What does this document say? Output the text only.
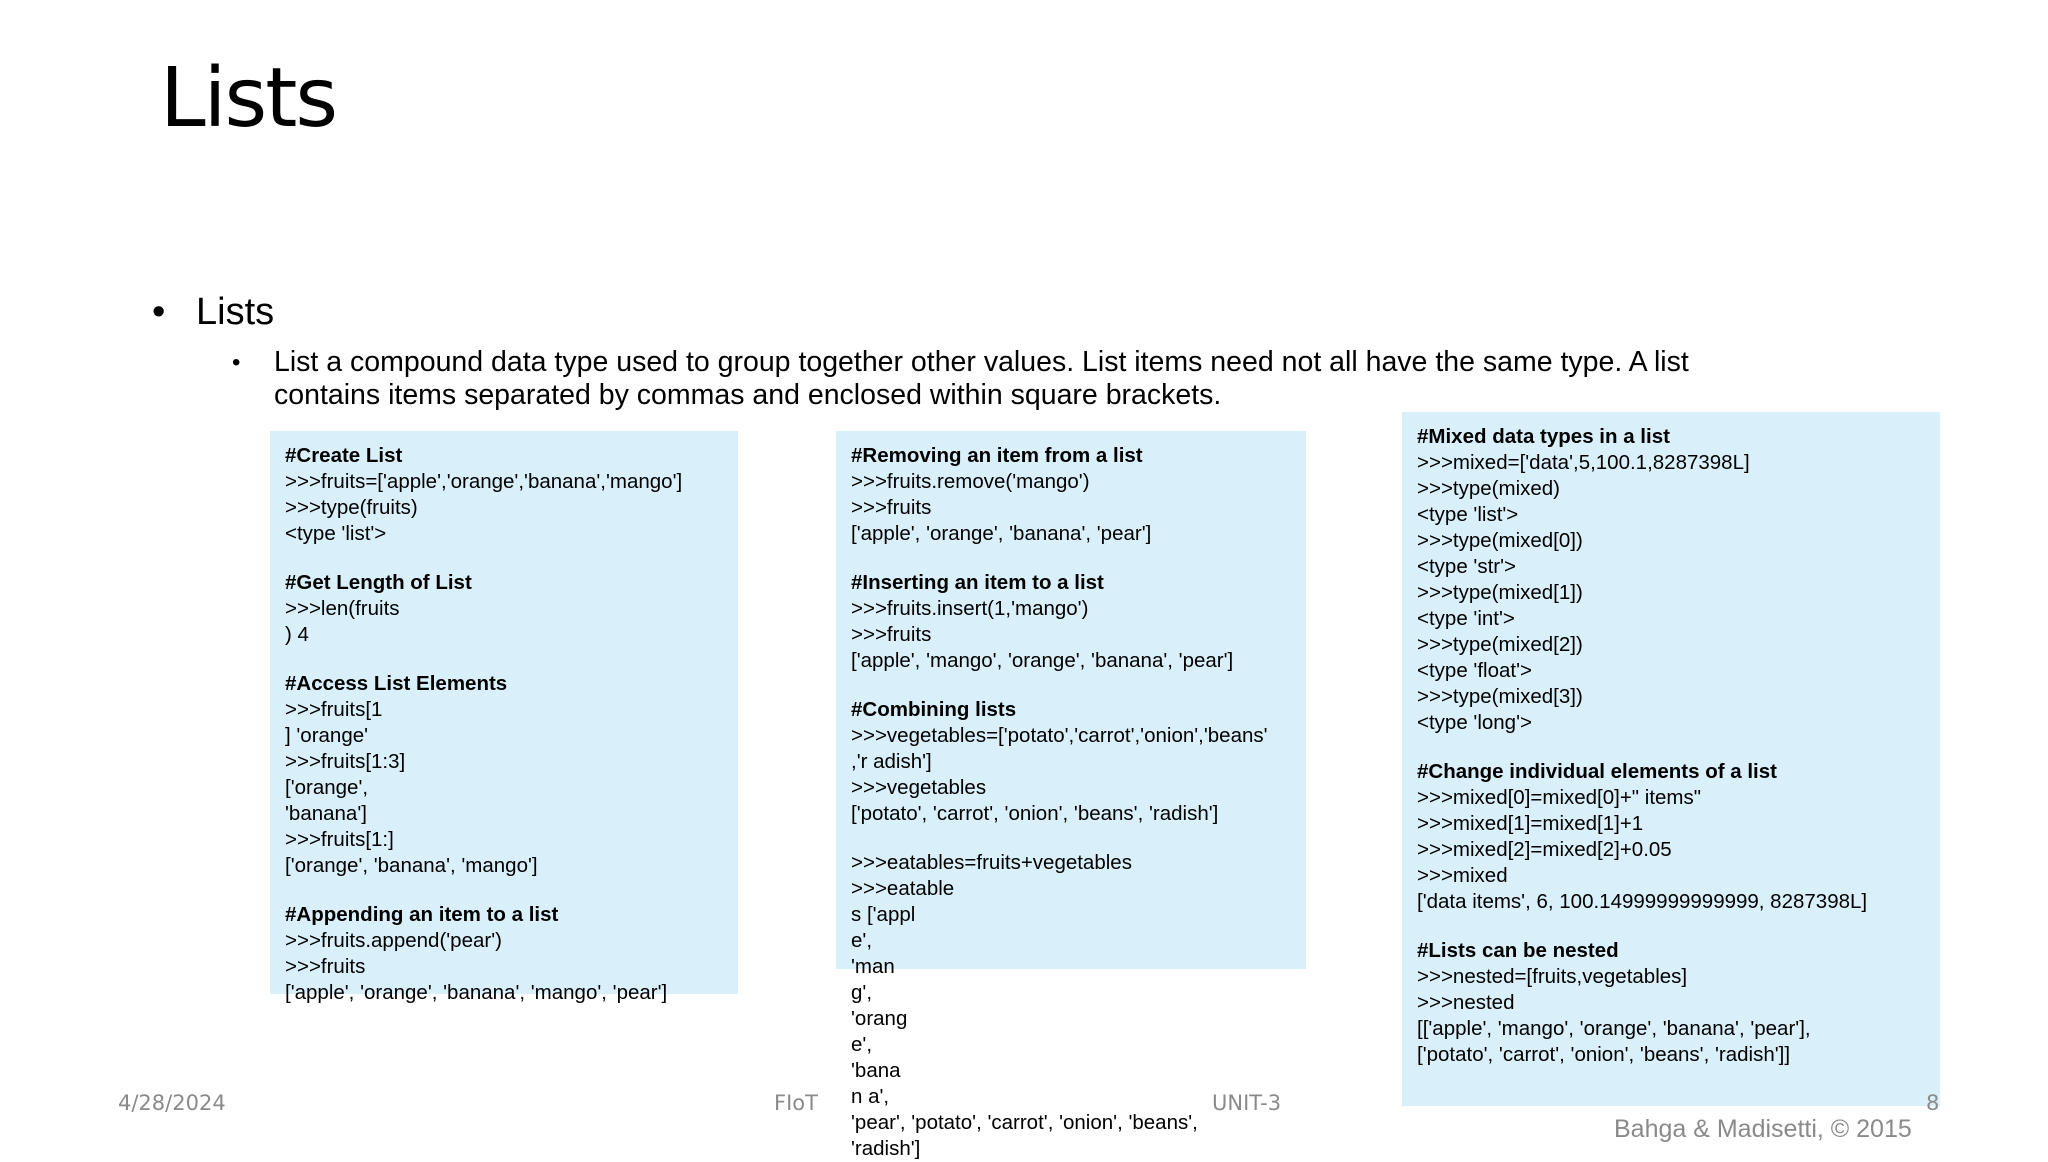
Lists
• Lists
•	List a compound data type used to group together other values. List items need not all have the same type. A list contains items separated by commas and enclosed within square brackets.
#Create List
>>>fruits=['apple','orange','banana','mango']
>>>type(fruits)
<type 'list'>
#Get Length of List
>>>len(fruits
) 4
#Access List Elements
>>>fruits[1
] 'orange'
>>>fruits[1:3]
['orange',
'banana']
>>>fruits[1:]
['orange', 'banana', 'mango']
#Appending an item to a list
>>>fruits.append('pear')
>>>fruits
['apple', 'orange', 'banana', 'mango', 'pear']
#Removing an item from a list
>>>fruits.remove('mango')
>>>fruits
['apple', 'orange', 'banana', 'pear']
#Inserting an item to a list
>>>fruits.insert(1,'mango')
>>>fruits
['apple', 'mango', 'orange', 'banana', 'pear']
#Combining lists
>>>vegetables=['potato','carrot','onion','beans'
,'r adish']
>>>vegetables
['potato', 'carrot', 'onion', 'beans', 'radish']
>>>eatables=fruits+vegetables
>>>eatable
s ['appl
e',
'man
g',
'orang
e',
'bana
n a',
'pear', 'potato', 'carrot', 'onion', 'beans',
'radish']
#Mixed data types in a list
>>>mixed=['data',5,100.1,8287398L]
>>>type(mixed)
<type 'list'>
>>>type(mixed[0])
<type 'str'>
>>>type(mixed[1])
<type 'int'>
>>>type(mixed[2])
<type 'float'>
>>>type(mixed[3])
<type 'long'>
#Change individual elements of a list
>>>mixed[0]=mixed[0]+" items"
>>>mixed[1]=mixed[1]+1
>>>mixed[2]=mixed[2]+0.05
>>>mixed
['data items', 6, 100.14999999999999, 8287398L]
#Lists can be nested
>>>nested=[fruits,vegetables]
>>>nested
[['apple', 'mango', 'orange', 'banana', 'pear'],
['potato', 'carrot', 'onion', 'beans', 'radish']]
4/28/2024	FIoT	UNIT-3	8
Bahga & Madisetti, © 2015
